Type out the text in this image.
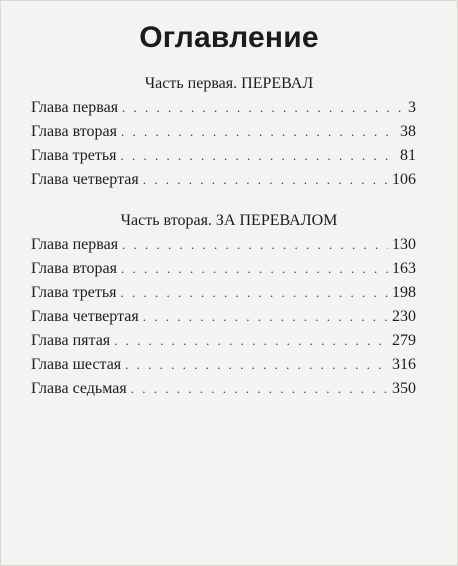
Оглавление
Часть первая. ПЕРЕВАЛ
Глава первая . . .	3
Глава вторая . . .	38
Глава третья . . .	81
Глава четвертая . . .	106
Часть вторая. ЗА ПЕРЕВАЛОМ
Глава первая . . .	130
Глава вторая . . .	163
Глава третья . . .	198
Глава четвертая . . .	230
Глава пятая . . .	279
Глава шестая . . .	316
Глава седьмая . . .	350
